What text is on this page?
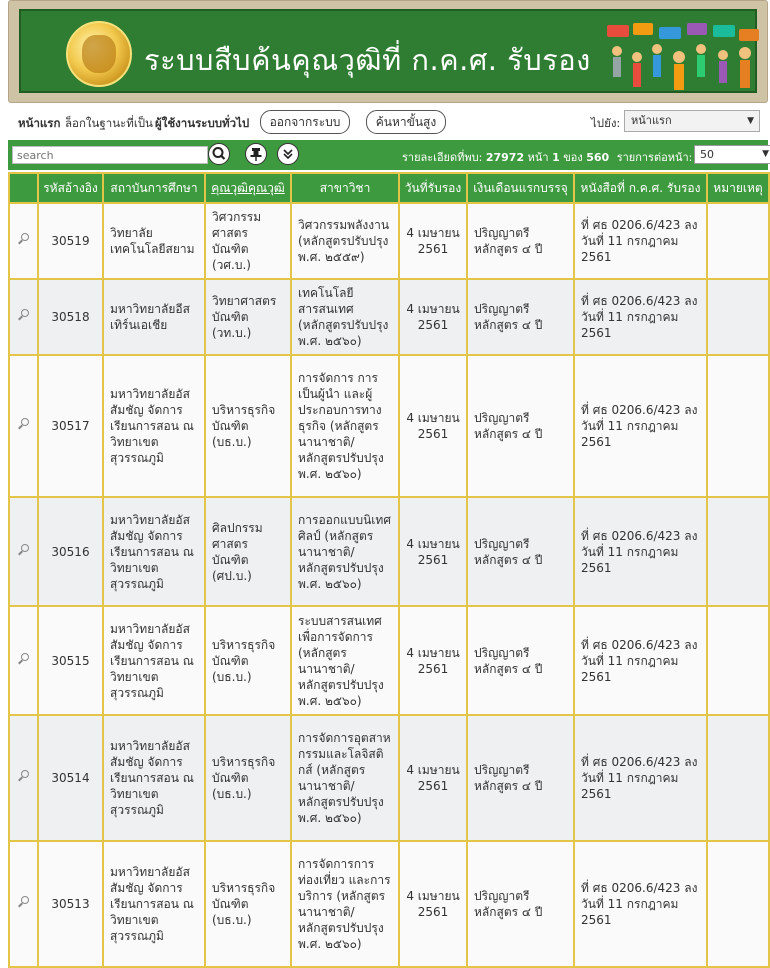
ระบบสืบค้นคุณวุฒิที่ ก.ค.ศ. รับรอง
หน้าแรก ล็อกในฐานะที่เป็น ผู้ใช้งานระบบทั่วไป	ออกจากระบบ	ค้นหาขั้นสูง	ไปยัง: หน้าแรก	▼
search
รายละเอียดที่พบ: 27972 หน้า 1 ของ 560 รายการต่อหน้า: 50	▼
	รหัสอ้างอิง	สถาบันการศึกษา	คุณวุฒิคุณวุฒิ	สาขาวิชา	วันที่รับรอง	เงินเดือนแรกบรรจุ	หนังสือที่ ก.ค.ศ. รับรอง	หมายเหตุ

	30519	วิทยาลัยเทคโนโลยีสยาม	วิศวกรรมศาสตรบัณฑิต (วศ.บ.)	วิศวกรรมพลังงาน (หลักสูตรปรับปรุง พ.ศ. ๒๕๕๙)	4 เมษายน 2561	ปริญญาตรี หลักสูตร ๔ ปี	ที่ ศธ 0206.6/423 ลงวันที่ 11 กรกฎาคม 2561	

	30518	มหาวิทยาลัยอีสเทิร์นเอเชีย	วิทยาศาสตรบัณฑิต (วท.บ.)	เทคโนโลยีสารสนเทศ (หลักสูตรปรับปรุง พ.ศ. ๒๕๖๐)	4 เมษายน 2561	ปริญญาตรี หลักสูตร ๔ ปี	ที่ ศธ 0206.6/423 ลงวันที่ 11 กรกฎาคม 2561	

	30517	มหาวิทยาลัยอัสสัมชัญ จัดการเรียนการสอน ณ วิทยาเขตสุวรรณภูมิ	บริหารธุรกิจบัณฑิต (บธ.บ.)	การจัดการ การเป็นผู้นำ และผู้ประกอบการทางธุรกิจ (หลักสูตรนานาชาติ/ หลักสูตรปรับปรุง พ.ศ. ๒๕๖๐)	4 เมษายน 2561	ปริญญาตรี หลักสูตร ๔ ปี	ที่ ศธ 0206.6/423 ลงวันที่ 11 กรกฎาคม 2561	

	30516	มหาวิทยาลัยอัสสัมชัญ จัดการเรียนการสอน ณ วิทยาเขตสุวรรณภูมิ	ศิลปกรรมศาสตรบัณฑิต (ศป.บ.)	การออกแบบนิเทศศิลป์ (หลักสูตรนานาชาติ/ หลักสูตรปรับปรุง พ.ศ. ๒๕๖๐)	4 เมษายน 2561	ปริญญาตรี หลักสูตร ๔ ปี	ที่ ศธ 0206.6/423 ลงวันที่ 11 กรกฎาคม 2561	

	30515	มหาวิทยาลัยอัสสัมชัญ จัดการเรียนการสอน ณ วิทยาเขตสุวรรณภูมิ	บริหารธุรกิจบัณฑิต (บธ.บ.)	ระบบสารสนเทศเพื่อการจัดการ (หลักสูตรนานาชาติ/ หลักสูตรปรับปรุง พ.ศ. ๒๕๖๐)	4 เมษายน 2561	ปริญญาตรี หลักสูตร ๔ ปี	ที่ ศธ 0206.6/423 ลงวันที่ 11 กรกฎาคม 2561	

	30514	มหาวิทยาลัยอัสสัมชัญ จัดการเรียนการสอน ณ วิทยาเขตสุวรรณภูมิ	บริหารธุรกิจบัณฑิต (บธ.บ.)	การจัดการอุตสาหกรรมและโลจิสติกส์ (หลักสูตรนานาชาติ/ หลักสูตรปรับปรุง พ.ศ. ๒๕๖๐)	4 เมษายน 2561	ปริญญาตรี หลักสูตร ๔ ปี	ที่ ศธ 0206.6/423 ลงวันที่ 11 กรกฎาคม 2561	

	30513	มหาวิทยาลัยอัสสัมชัญ จัดการเรียนการสอน ณ วิทยาเขตสุวรรณภูมิ	บริหารธุรกิจบัณฑิต (บธ.บ.)	การจัดการการท่องเที่ยว และการบริการ (หลักสูตรนานาชาติ/ หลักสูตรปรับปรุง พ.ศ. ๒๕๖๐)	4 เมษายน 2561	ปริญญาตรี หลักสูตร ๔ ปี	ที่ ศธ 0206.6/423 ลงวันที่ 11 กรกฎาคม 2561	
